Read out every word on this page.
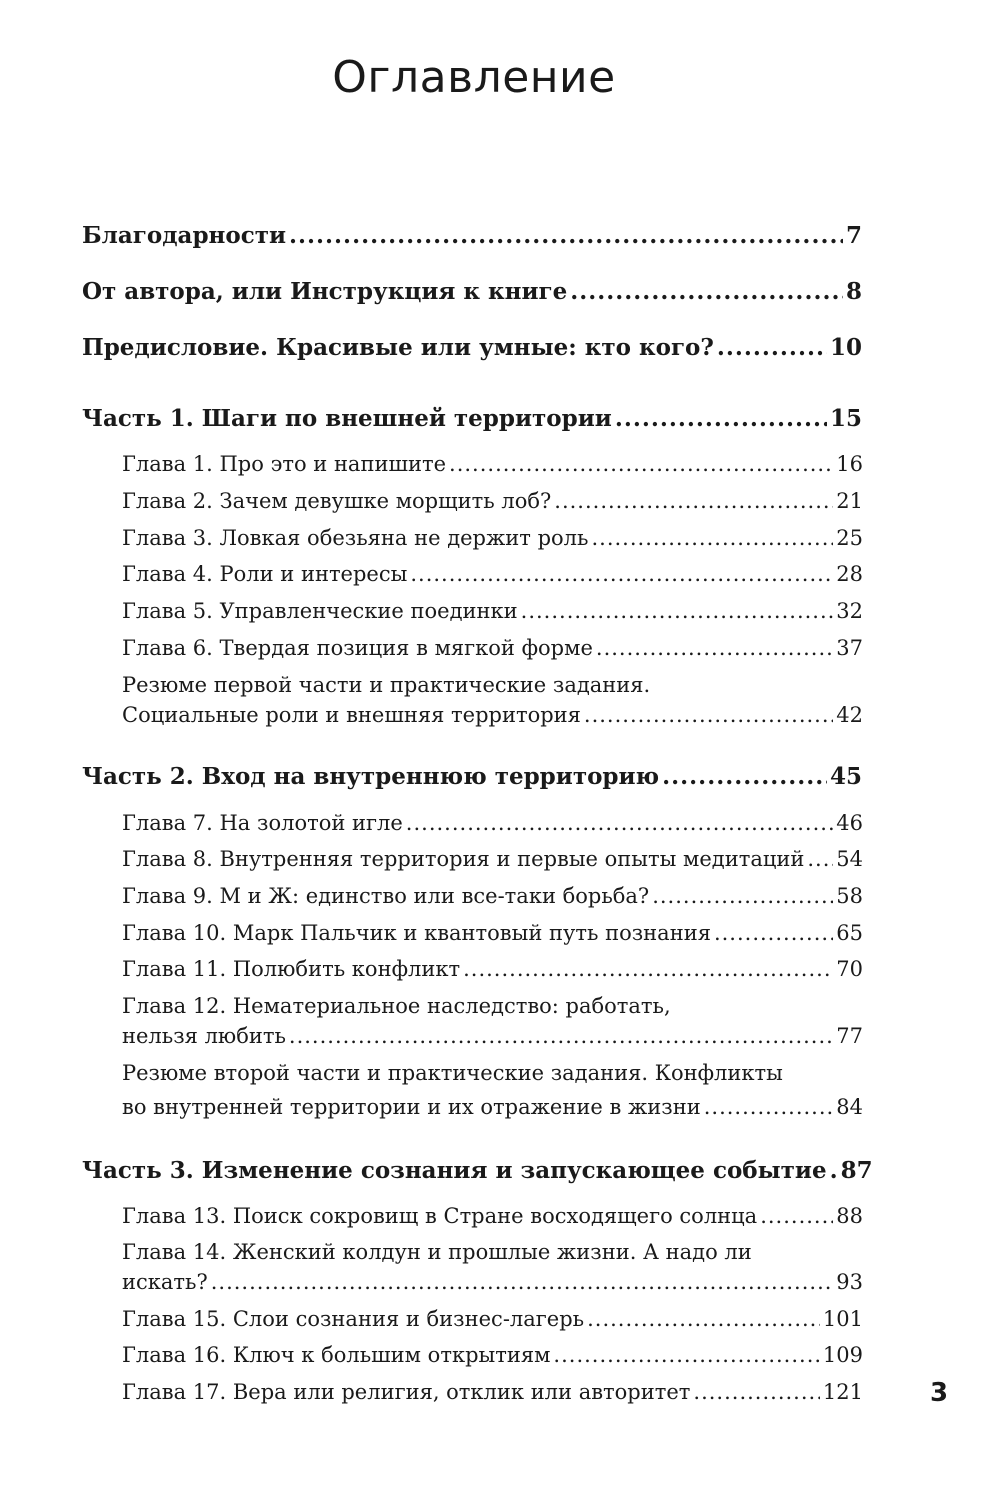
Оглавление
Благодарности .....	7
От автора, или Инструкция к книге .....	8
Предисловие. Красивые или умные: кто кого? .....	10
Часть 1. Шаги по внешней территории .....	15
Глава 1. Про это и напишите .....	16
Глава 2. Зачем девушке морщить лоб? .....	21
Глава 3. Ловкая обезьяна не держит роль .....	25
Глава 4. Роли и интересы .....	28
Глава 5. Управленческие поединки .....	32
Глава 6. Твердая позиция в мягкой форме .....	37
Резюме первой части и практические задания.
Социальные роли и внешняя территория .....	42
Часть 2. Вход на внутреннюю территорию .....	45
Глава 7. На золотой игле .....	46
Глава 8. Внутренняя территория и первые опыты медитаций ..... 54
Глава 9. М и Ж: единство или все-таки борьба? .....	58
Глава 10. Марк Пальчик и квантовый путь познания .....	65
Глава 11. Полюбить конфликт .....	70
Глава 12. Нематериальное наследство: работать,
нельзя любить .....	77
Резюме второй части и практические задания. Конфликты
во внутренней территории и их отражение в жизни .....	84
Часть 3. Изменение сознания и запускающее событие ..... 87
Глава 13. Поиск сокровищ в Стране восходящего солнца .....	88
Глава 14. Женский колдун и прошлые жизни. А надо ли
искать? .....	93
Глава 15. Слои сознания и бизнес-лагерь .....	101
Глава 16. Ключ к большим открытиям .....	109
Глава 17. Вера или религия, отклик или авторитет .....	121	3
